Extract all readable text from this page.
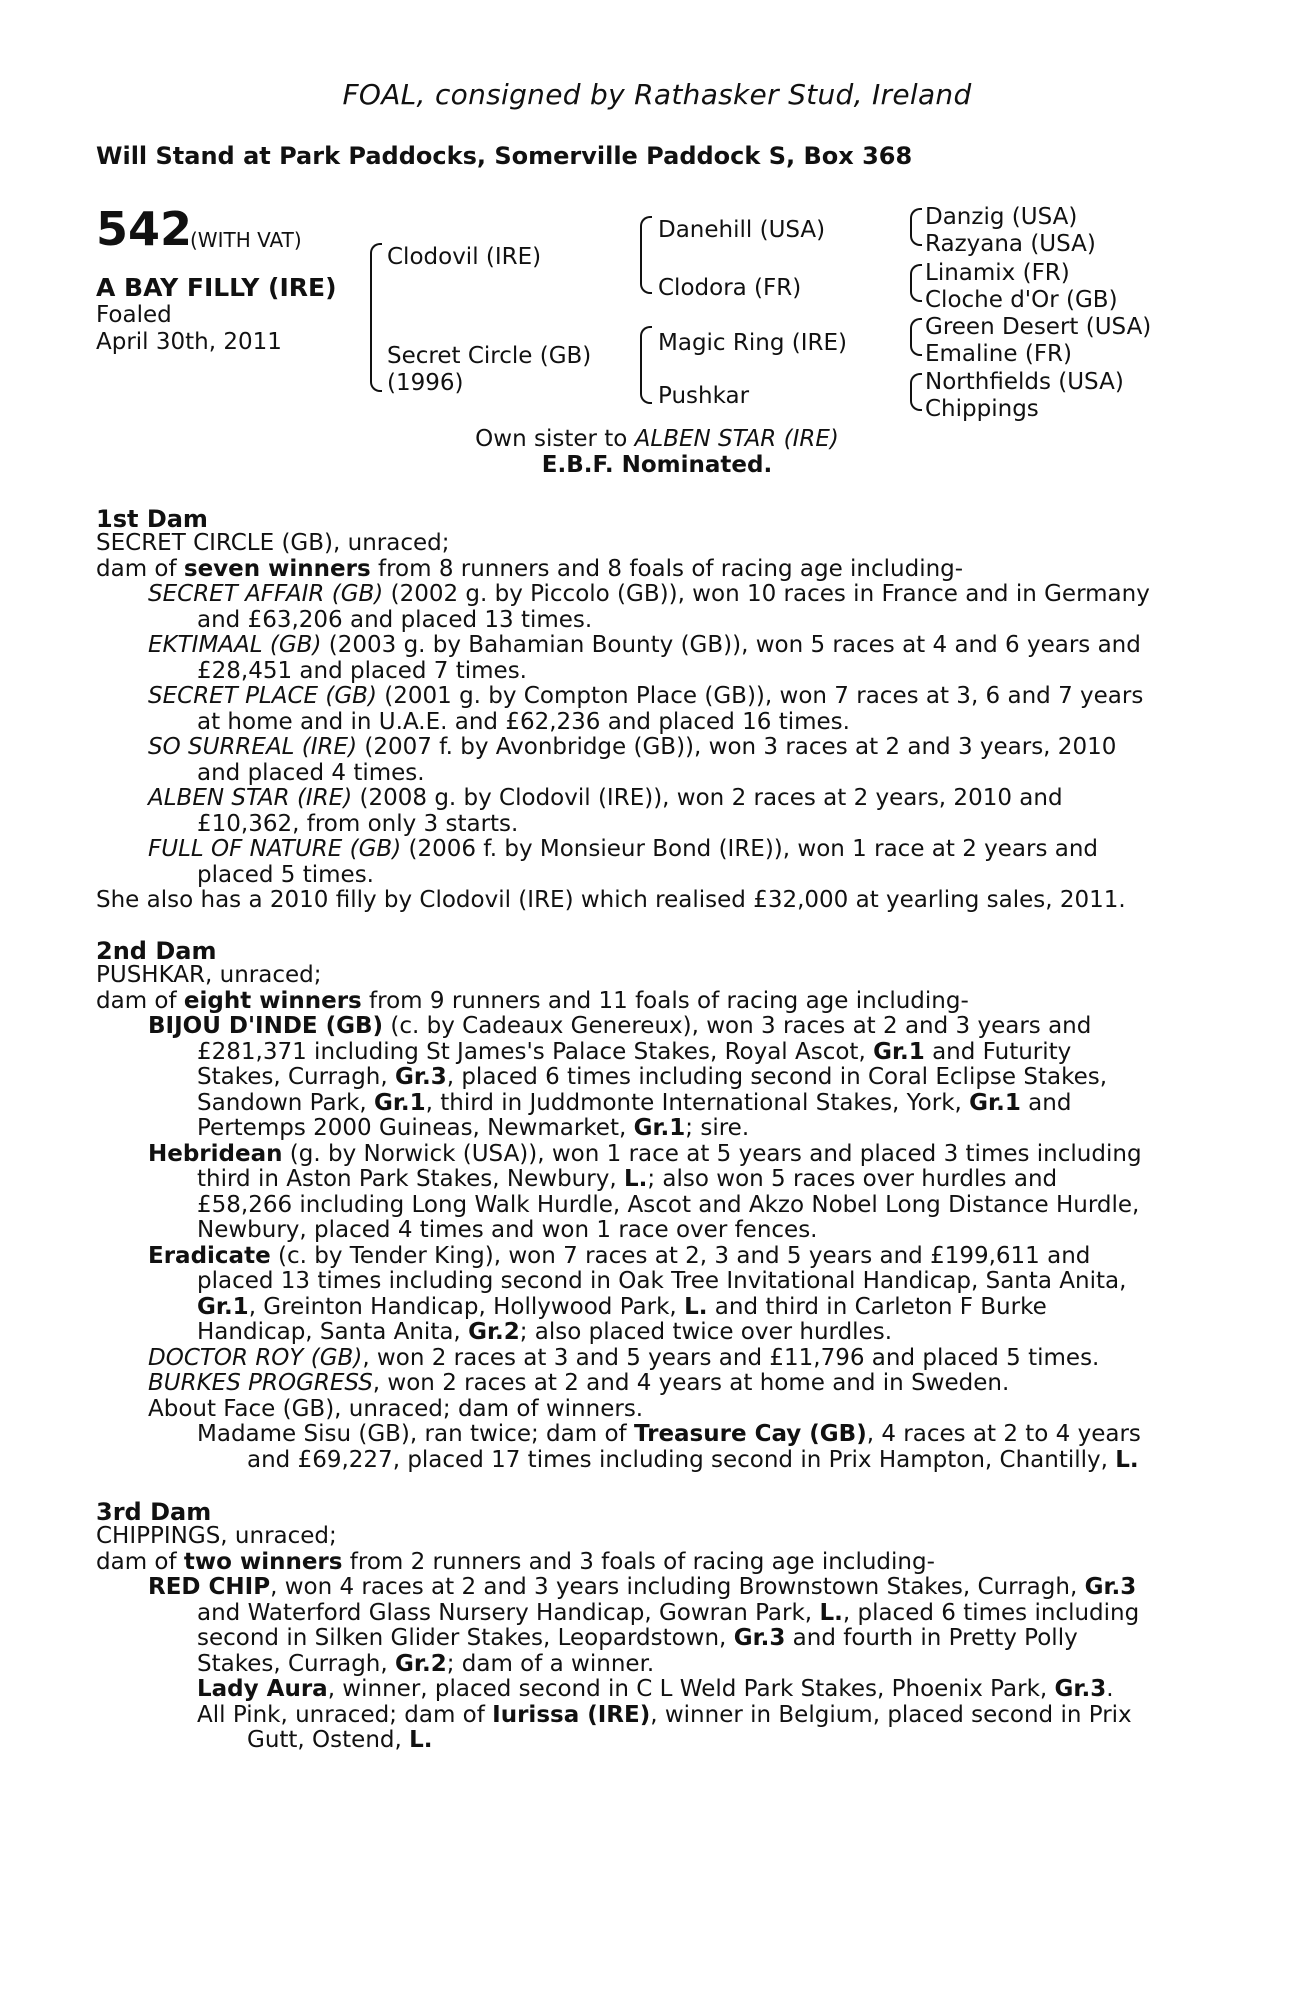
FOAL, consigned by Rathasker Stud, Ireland
Will Stand at Park Paddocks, Somerville Paddock S, Box 368
542
(WITH VAT)
A BAY FILLY (IRE)
Foaled
April 30th, 2011
Clodovil (IRE)
Secret Circle (GB)
(1996)
Danehill (USA)
Clodora (FR)
Magic Ring (IRE)
Pushkar
Danzig (USA)
Razyana (USA)
Linamix (FR)
Cloche d'Or (GB)
Green Desert (USA)
Emaline (FR)
Northfields (USA)
Chippings
Own sister to ALBEN STAR (IRE)
E.B.F. Nominated.
1st Dam
SECRET CIRCLE (GB), unraced;
dam of seven winners from 8 runners and 8 foals of racing age including-
SECRET AFFAIR (GB) (2002 g. by Piccolo (GB)), won 10 races in France and in Germany
and £63,206 and placed 13 times.
EKTIMAAL (GB) (2003 g. by Bahamian Bounty (GB)), won 5 races at 4 and 6 years and
£28,451 and placed 7 times.
SECRET PLACE (GB) (2001 g. by Compton Place (GB)), won 7 races at 3, 6 and 7 years
at home and in U.A.E. and £62,236 and placed 16 times.
SO SURREAL (IRE) (2007 f. by Avonbridge (GB)), won 3 races at 2 and 3 years, 2010
and placed 4 times.
ALBEN STAR (IRE) (2008 g. by Clodovil (IRE)), won 2 races at 2 years, 2010 and
£10,362, from only 3 starts.
FULL OF NATURE (GB) (2006 f. by Monsieur Bond (IRE)), won 1 race at 2 years and
placed 5 times.
She also has a 2010 filly by Clodovil (IRE) which realised £32,000 at yearling sales, 2011.
2nd Dam
PUSHKAR, unraced;
dam of eight winners from 9 runners and 11 foals of racing age including-
BIJOU D'INDE (GB) (c. by Cadeaux Genereux), won 3 races at 2 and 3 years and
£281,371 including St James's Palace Stakes, Royal Ascot, Gr.1 and Futurity
Stakes, Curragh, Gr.3, placed 6 times including second in Coral Eclipse Stakes,
Sandown Park, Gr.1, third in Juddmonte International Stakes, York, Gr.1 and
Pertemps 2000 Guineas, Newmarket, Gr.1; sire.
Hebridean (g. by Norwick (USA)), won 1 race at 5 years and placed 3 times including
third in Aston Park Stakes, Newbury, L.; also won 5 races over hurdles and
£58,266 including Long Walk Hurdle, Ascot and Akzo Nobel Long Distance Hurdle,
Newbury, placed 4 times and won 1 race over fences.
Eradicate (c. by Tender King), won 7 races at 2, 3 and 5 years and £199,611 and
placed 13 times including second in Oak Tree Invitational Handicap, Santa Anita,
Gr.1, Greinton Handicap, Hollywood Park, L. and third in Carleton F Burke
Handicap, Santa Anita, Gr.2; also placed twice over hurdles.
DOCTOR ROY (GB), won 2 races at 3 and 5 years and £11,796 and placed 5 times.
BURKES PROGRESS, won 2 races at 2 and 4 years at home and in Sweden.
About Face (GB), unraced; dam of winners.
Madame Sisu (GB), ran twice; dam of Treasure Cay (GB), 4 races at 2 to 4 years
and £69,227, placed 17 times including second in Prix Hampton, Chantilly, L.
3rd Dam
CHIPPINGS, unraced;
dam of two winners from 2 runners and 3 foals of racing age including-
RED CHIP, won 4 races at 2 and 3 years including Brownstown Stakes, Curragh, Gr.3
and Waterford Glass Nursery Handicap, Gowran Park, L., placed 6 times including
second in Silken Glider Stakes, Leopardstown, Gr.3 and fourth in Pretty Polly
Stakes, Curragh, Gr.2; dam of a winner.
Lady Aura, winner, placed second in C L Weld Park Stakes, Phoenix Park, Gr.3.
All Pink, unraced; dam of Iurissa (IRE), winner in Belgium, placed second in Prix
Gutt, Ostend, L.
